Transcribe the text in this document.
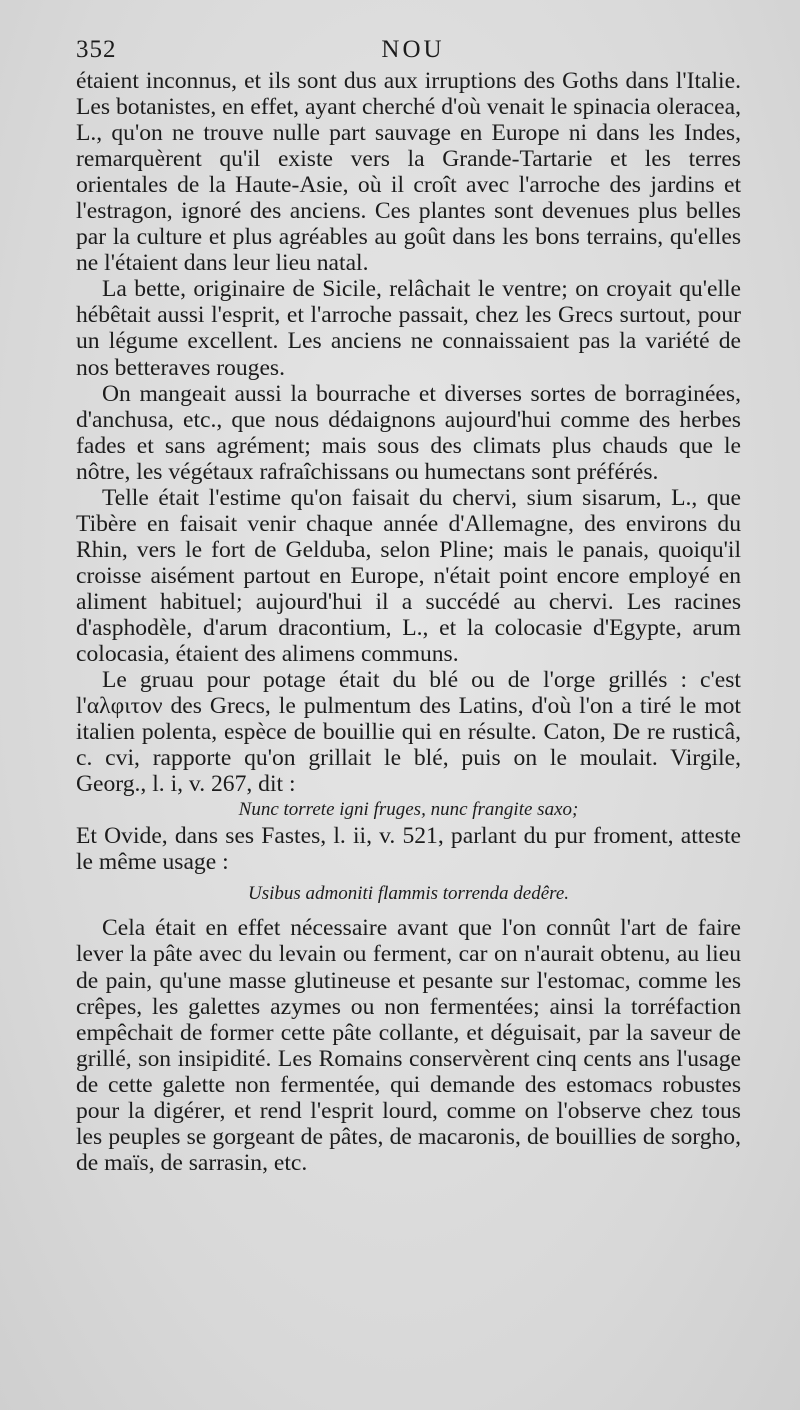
352	NOU

étaient inconnus, et ils sont dus aux irruptions des Goths dans l'Italie. Les botanistes, en effet, ayant cherché d'où venait le spinacia oleracea, L., qu'on ne trouve nulle part sauvage en Europe ni dans les Indes, remarquèrent qu'il existe vers la Grande-Tartarie et les terres orientales de la Haute-Asie, où il croît avec l'arroche des jardins et l'estragon, ignoré des anciens. Ces plantes sont devenues plus belles par la culture et plus agréables au goût dans les bons terrains, qu'elles ne l'étaient dans leur lieu natal.

La bette, originaire de Sicile, relâchait le ventre; on croyait qu'elle hébêtait aussi l'esprit, et l'arroche passait, chez les Grecs surtout, pour un légume excellent. Les anciens ne connaissaient pas la variété de nos betteraves rouges.

On mangeait aussi la bourrache et diverses sortes de borraginées, d'anchusa, etc., que nous dédaignons aujourd'hui comme des herbes fades et sans agrément; mais sous des climats plus chauds que le nôtre, les végétaux rafraîchissans ou humectans sont préférés.

Telle était l'estime qu'on faisait du chervi, sium sisarum, L., que Tibère en faisait venir chaque année d'Allemagne, des environs du Rhin, vers le fort de Gelduba, selon Pline; mais le panais, quoiqu'il croisse aisément partout en Europe, n'était point encore employé en aliment habituel; aujourd'hui il a succédé au chervi. Les racines d'asphodèle, d'arum dracontium, L., et la colocasie d'Egypte, arum colocasia, étaient des alimens communs.

Le gruau pour potage était du blé ou de l'orge grillés : c'est l'αλφιτον des Grecs, le pulmentum des Latins, d'où l'on a tiré le mot italien polenta, espèce de bouillie qui en résulte. Caton, De re rusticâ, c. cvi, rapporte qu'on grillait le blé, puis on le moulait. Virgile, Georg., l. i, v. 267, dit :

Nunc torrete igni fruges, nunc frangite saxo;

Et Ovide, dans ses Fastes, l. ii, v. 521, parlant du pur froment, atteste le même usage :

Usibus admoniti flammis torrenda dedêre.

Cela était en effet nécessaire avant que l'on connût l'art de faire lever la pâte avec du levain ou ferment, car on n'aurait obtenu, au lieu de pain, qu'une masse glutineuse et pesante sur l'estomac, comme les crêpes, les galettes azymes ou non fermentées; ainsi la torréfaction empêchait de former cette pâte collante, et déguisait, par la saveur de grillé, son insipidité. Les Romains conservèrent cinq cents ans l'usage de cette galette non fermentée, qui demande des estomacs robustes pour la digérer, et rend l'esprit lourd, comme on l'observe chez tous les peuples se gorgeant de pâtes, de macaronis, de bouillies de sorgho, de maïs, de sarrasin, etc.
